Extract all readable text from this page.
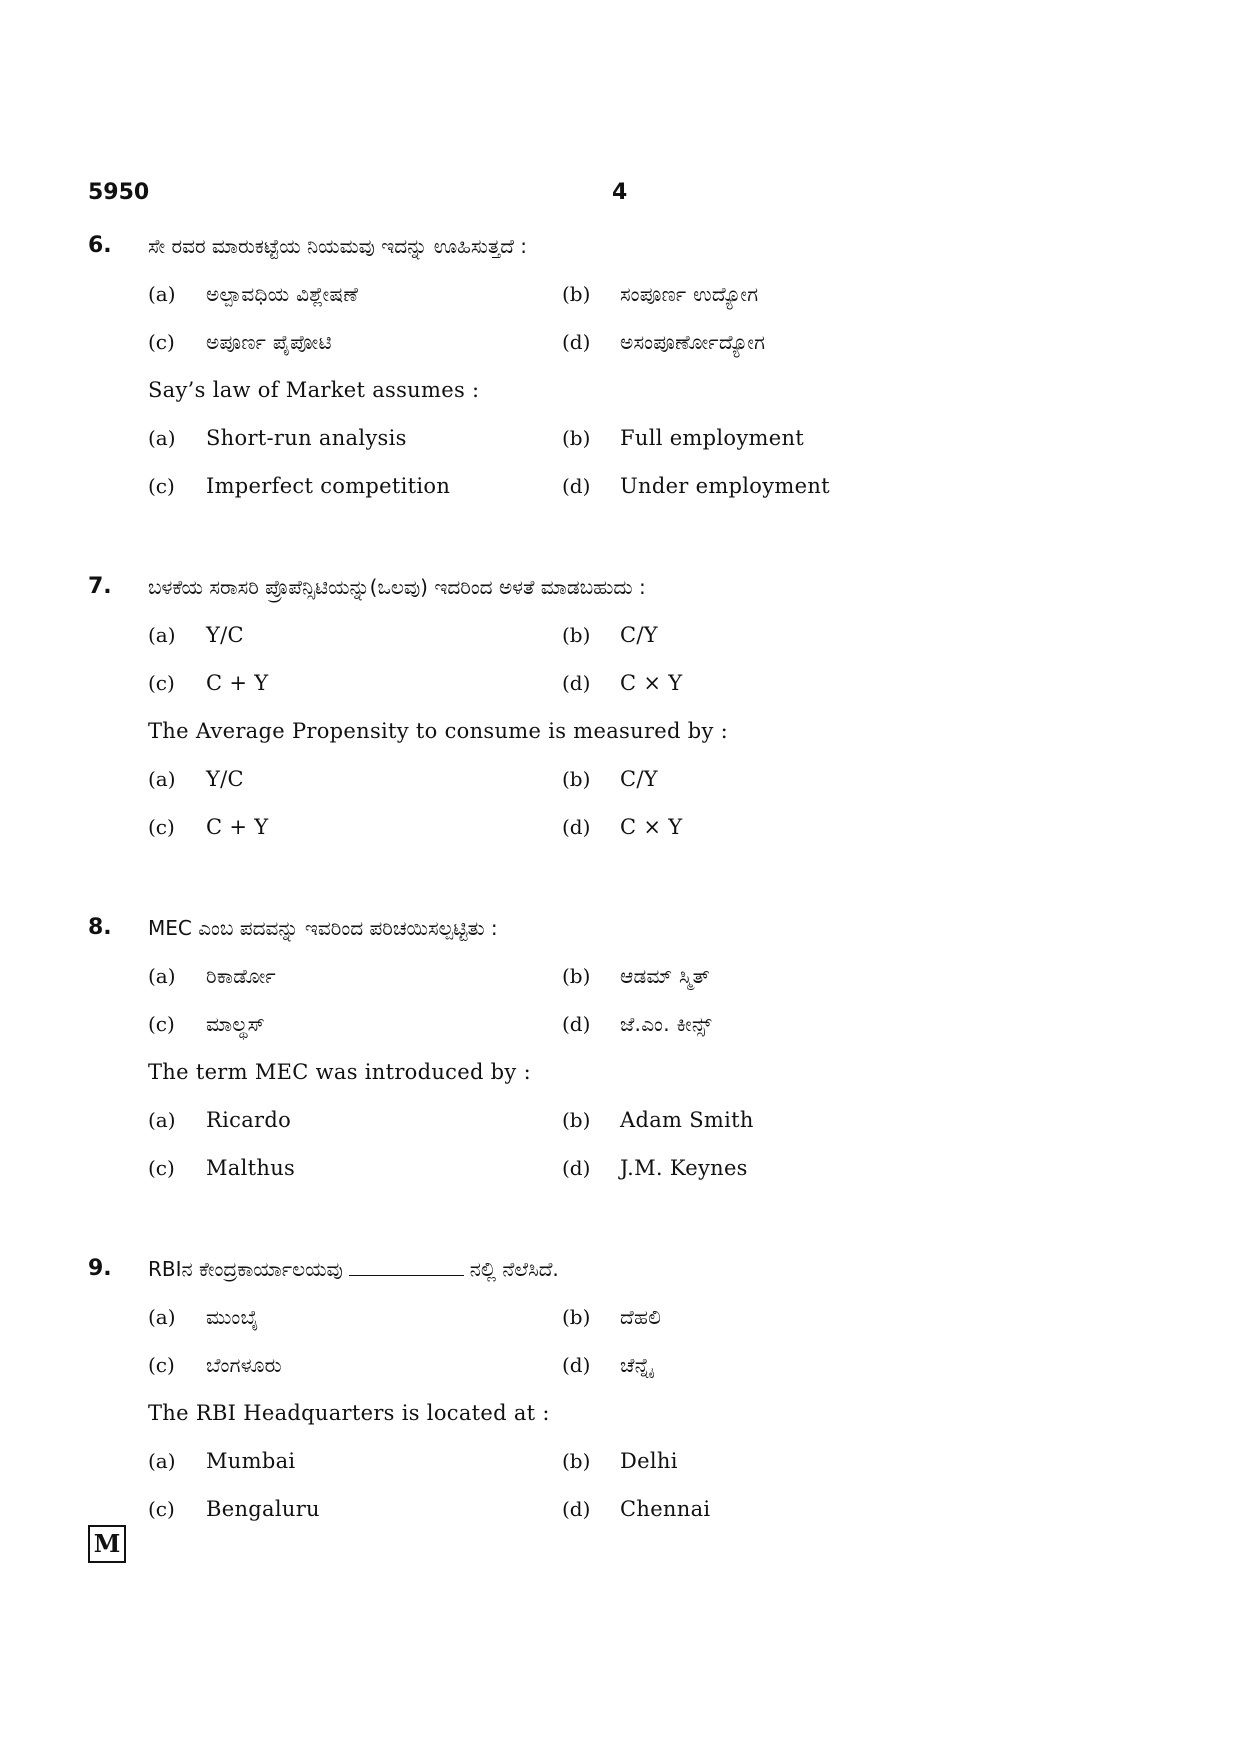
5950	4
6. ಸೇ ರವರ ಮಾರುಕಟ್ಟೆಯ ನಿಯಮವು ಇದನ್ನು ಊಹಿಸುತ್ತದೆ :
(a) ಅಲ್ಪಾವಧಿಯ ವಿಶ್ಲೇಷಣೆ	(b) ಸಂಪೂರ್ಣ ಉದ್ಯೋಗ
(c) ಅಪೂರ್ಣ ಪೈಪೋಟಿ	(d) ಅಸಂಪೂರ್ಣೋದ್ಯೋಗ
Say’s law of Market assumes :
(a) Short-run analysis	(b) Full employment
(c) Imperfect competition	(d) Under employment
7. ಬಳಕೆಯ ಸರಾಸರಿ ಪ್ರೊಪೆನ್ಸಿಟಿಯನ್ನು(ಒಲವು) ಇದರಿಂದ ಅಳತೆ ಮಾಡಬಹುದು :
(a) Y/C	(b) C/Y
(c) C + Y	(d) C × Y
The Average Propensity to consume is measured by :
(a) Y/C	(b) C/Y
(c) C + Y	(d) C × Y
8. MEC ಎಂಬ ಪದವನ್ನು ಇವರಿಂದ ಪರಿಚಯಿಸಲ್ಪಟ್ಟಿತು :
(a) ರಿಕಾರ್ಡೋ	(b) ಆಡಮ್ ಸ್ಮಿತ್
(c) ಮಾಲ್ಥಸ್	(d) ಜೆ.ಎಂ. ಕೀನ್ಸ್
The term MEC was introduced by :
(a) Ricardo	(b) Adam Smith
(c) Malthus	(d) J.M. Keynes
9. RBIನ ಕೇಂದ್ರಕಾರ್ಯಾಲಯವು	ನಲ್ಲಿ ನೆಲೆಸಿದೆ.
(a) ಮುಂಬೈ	(b) ದೆಹಲಿ
(c) ಬೆಂಗಳೂರು	(d) ಚೆನ್ನೈ
The RBI Headquarters is located at :
(a) Mumbai	(b) Delhi
(c) Bengaluru	(d) Chennai
M
